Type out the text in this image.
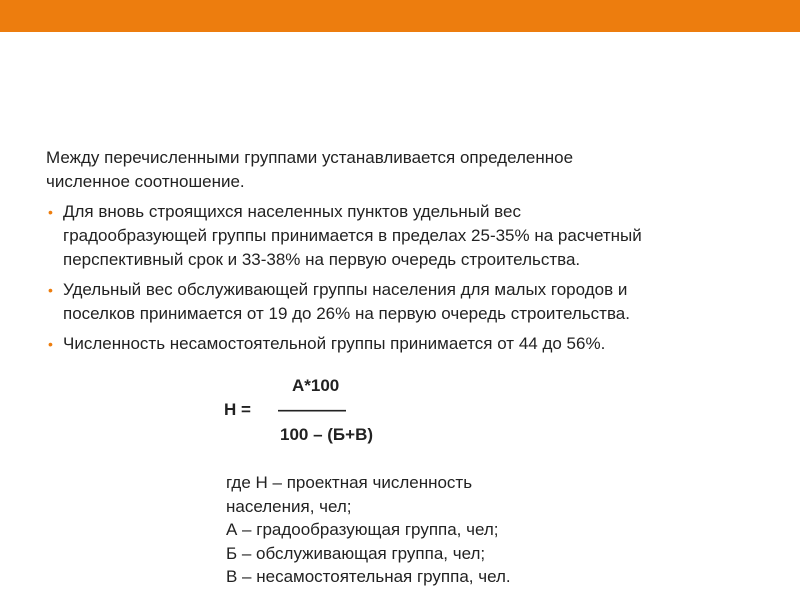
Между перечисленными группами устанавливается определенное
численное соотношение.
• Для вновь строящихся населенных пунктов удельный вес
градообразующей группы принимается в пределах 25-35% на расчетный
перспективный срок и 33-38% на первую очередь строительства.
• Удельный вес обслуживающей группы населения для малых городов и
поселков принимается от 19 до 26% на первую очередь строительства.
• Численность несамостоятельной группы принимается от 44 до 56%.
А*100
Н = ————
100 – (Б+В)
где Н – проектная численность
населения, чел;
А – градообразующая группа, чел;
Б – обслуживающая группа, чел;
В – несамостоятельная группа, чел.
